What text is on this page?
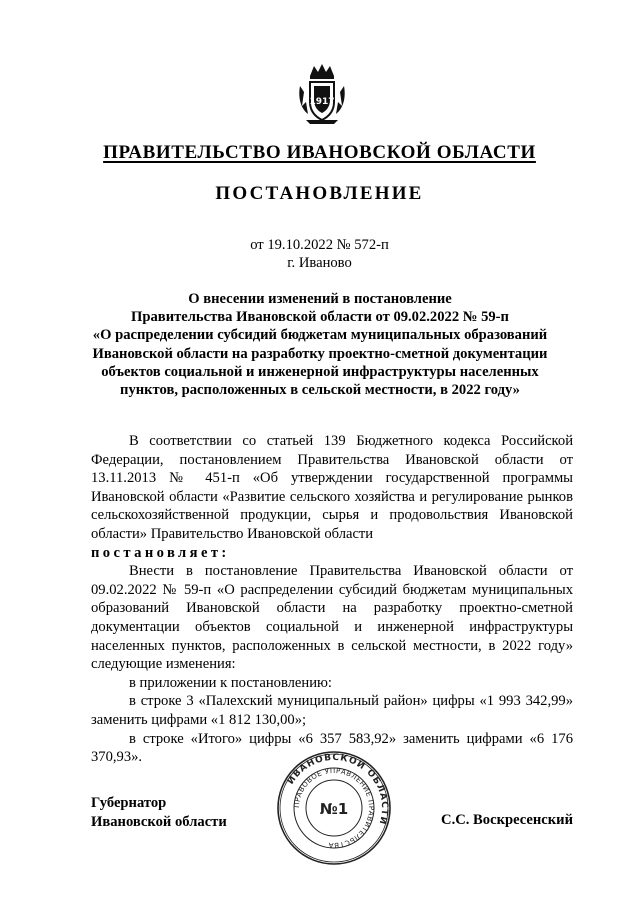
1917
ПРАВИТЕЛЬСТВО ИВАНОВСКОЙ ОБЛАСТИ
ПОСТАНОВЛЕНИЕ
от 19.10.2022 № 572-п
г. Иваново
О внесении изменений в постановление
Правительства Ивановской области от 09.02.2022 № 59-п
«О распределении субсидий бюджетам муниципальных образований
Ивановской области на разработку проектно-сметной документации
объектов социальной и инженерной инфраструктуры населенных
пунктов, расположенных в сельской местности, в 2022 году»

В соответствии со статьей 139 Бюджетного кодекса Российской Федерации, постановлением Правительства Ивановской области от 13.11.2013 № 451-п «Об утверждении государственной программы Ивановской области «Развитие сельского хозяйства и регулирование рынков сельскохозяйственной продукции, сырья и продовольствия Ивановской области» Правительство Ивановской области

постановляет:

Внести в постановление Правительства Ивановской области от 09.02.2022 № 59-п «О распределении субсидий бюджетам муниципальных образований Ивановской области на разработку проектно-сметной документации объектов социальной и инженерной инфраструктуры населенных пунктов, расположенных в сельской местности, в 2022 году» следующие изменения:

в приложении к постановлению:

в строке 3 «Палехский муниципальный район» цифры «1 993 342,99» заменить цифрами «1 812 130,00»;

в строке «Итого» цифры «6 357 583,92» заменить цифрами «6 176 370,93».

Губернатор
Ивановской области	С.С. Воскресенский
ИВАНОВСКОЙ ОБЛАСТИ
ПРАВОВОЕ УПРАВЛЕНИЕ ПРАВИТЕЛЬСТВА
№1
